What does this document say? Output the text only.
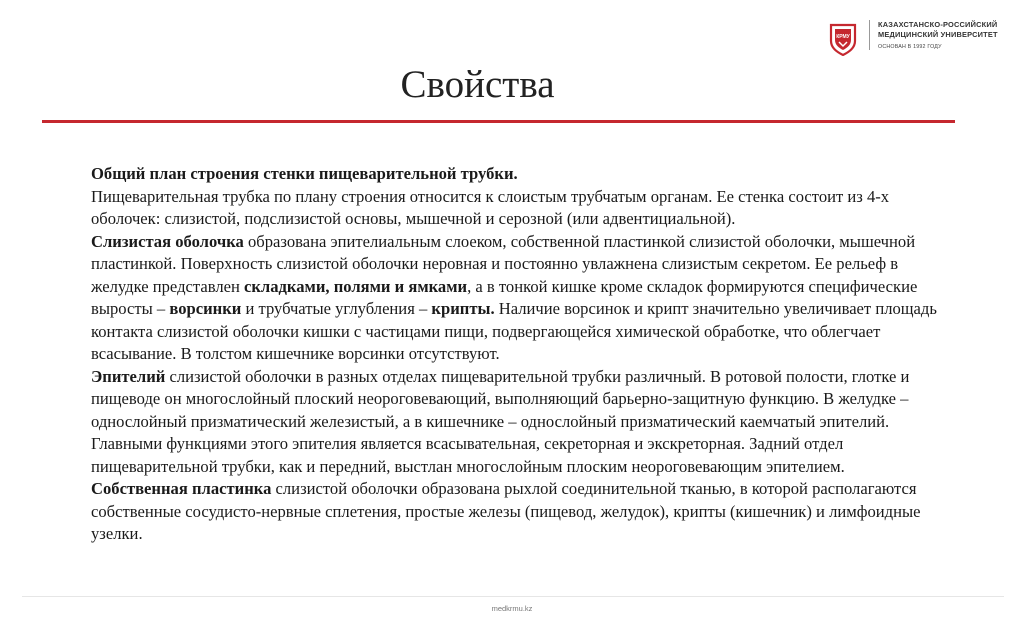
КРМУ
КАЗАХСТАНСКО-РОССИЙСКИЙ
МЕДИЦИНСКИЙ УНИВЕРСИТЕТ
ОСНОВАН В 1992 ГОДУ
Свойства

Общий план строения стенки пищеварительной трубки.

Пищеварительная трубка по плану строения относится к слоистым трубчатым органам. Ее стенка состоит из 4-х оболочек: слизистой, подслизистой основы, мышечной и серозной (или адвентициальной).

Слизистая оболочка образована эпителиальным слоеком, собственной пластинкой слизистой оболочки, мышечной пластинкой. Поверхность слизистой оболочки неровная и постоянно увлажнена слизистым секретом. Ее рельеф в желудке представлен складками, полями и ямками, а в тонкой кишке кроме складок формируются специфические выросты – ворсинки и трубчатые углубления – крипты. Наличие ворсинок и крипт значительно увеличивает площадь контакта слизистой оболочки кишки с частицами пищи, подвергающейся химической обработке, что облегчает всасывание. В толстом кишечнике ворсинки отсутствуют.

Эпителий слизистой оболочки в разных отделах пищеварительной трубки различный. В ротовой полости, глотке и пищеводе он многослойный плоский неороговевающий, выполняющий барьерно-защитную функцию. В желудке – однослойный призматический железистый, а в кишечнике – однослойный призматический каемчатый эпителий. Главными функциями этого эпителия является всасывательная, секреторная и экскреторная. Задний отдел пищеварительной трубки, как и передний, выстлан многослойным плоским неороговевающим эпителием.

Собственная пластинка слизистой оболочки образована рыхлой соединительной тканью, в которой располагаются собственные сосудисто-нервные сплетения, простые железы (пищевод, желудок), крипты (кишечник) и лимфоидные узелки.

medkrmu.kz
